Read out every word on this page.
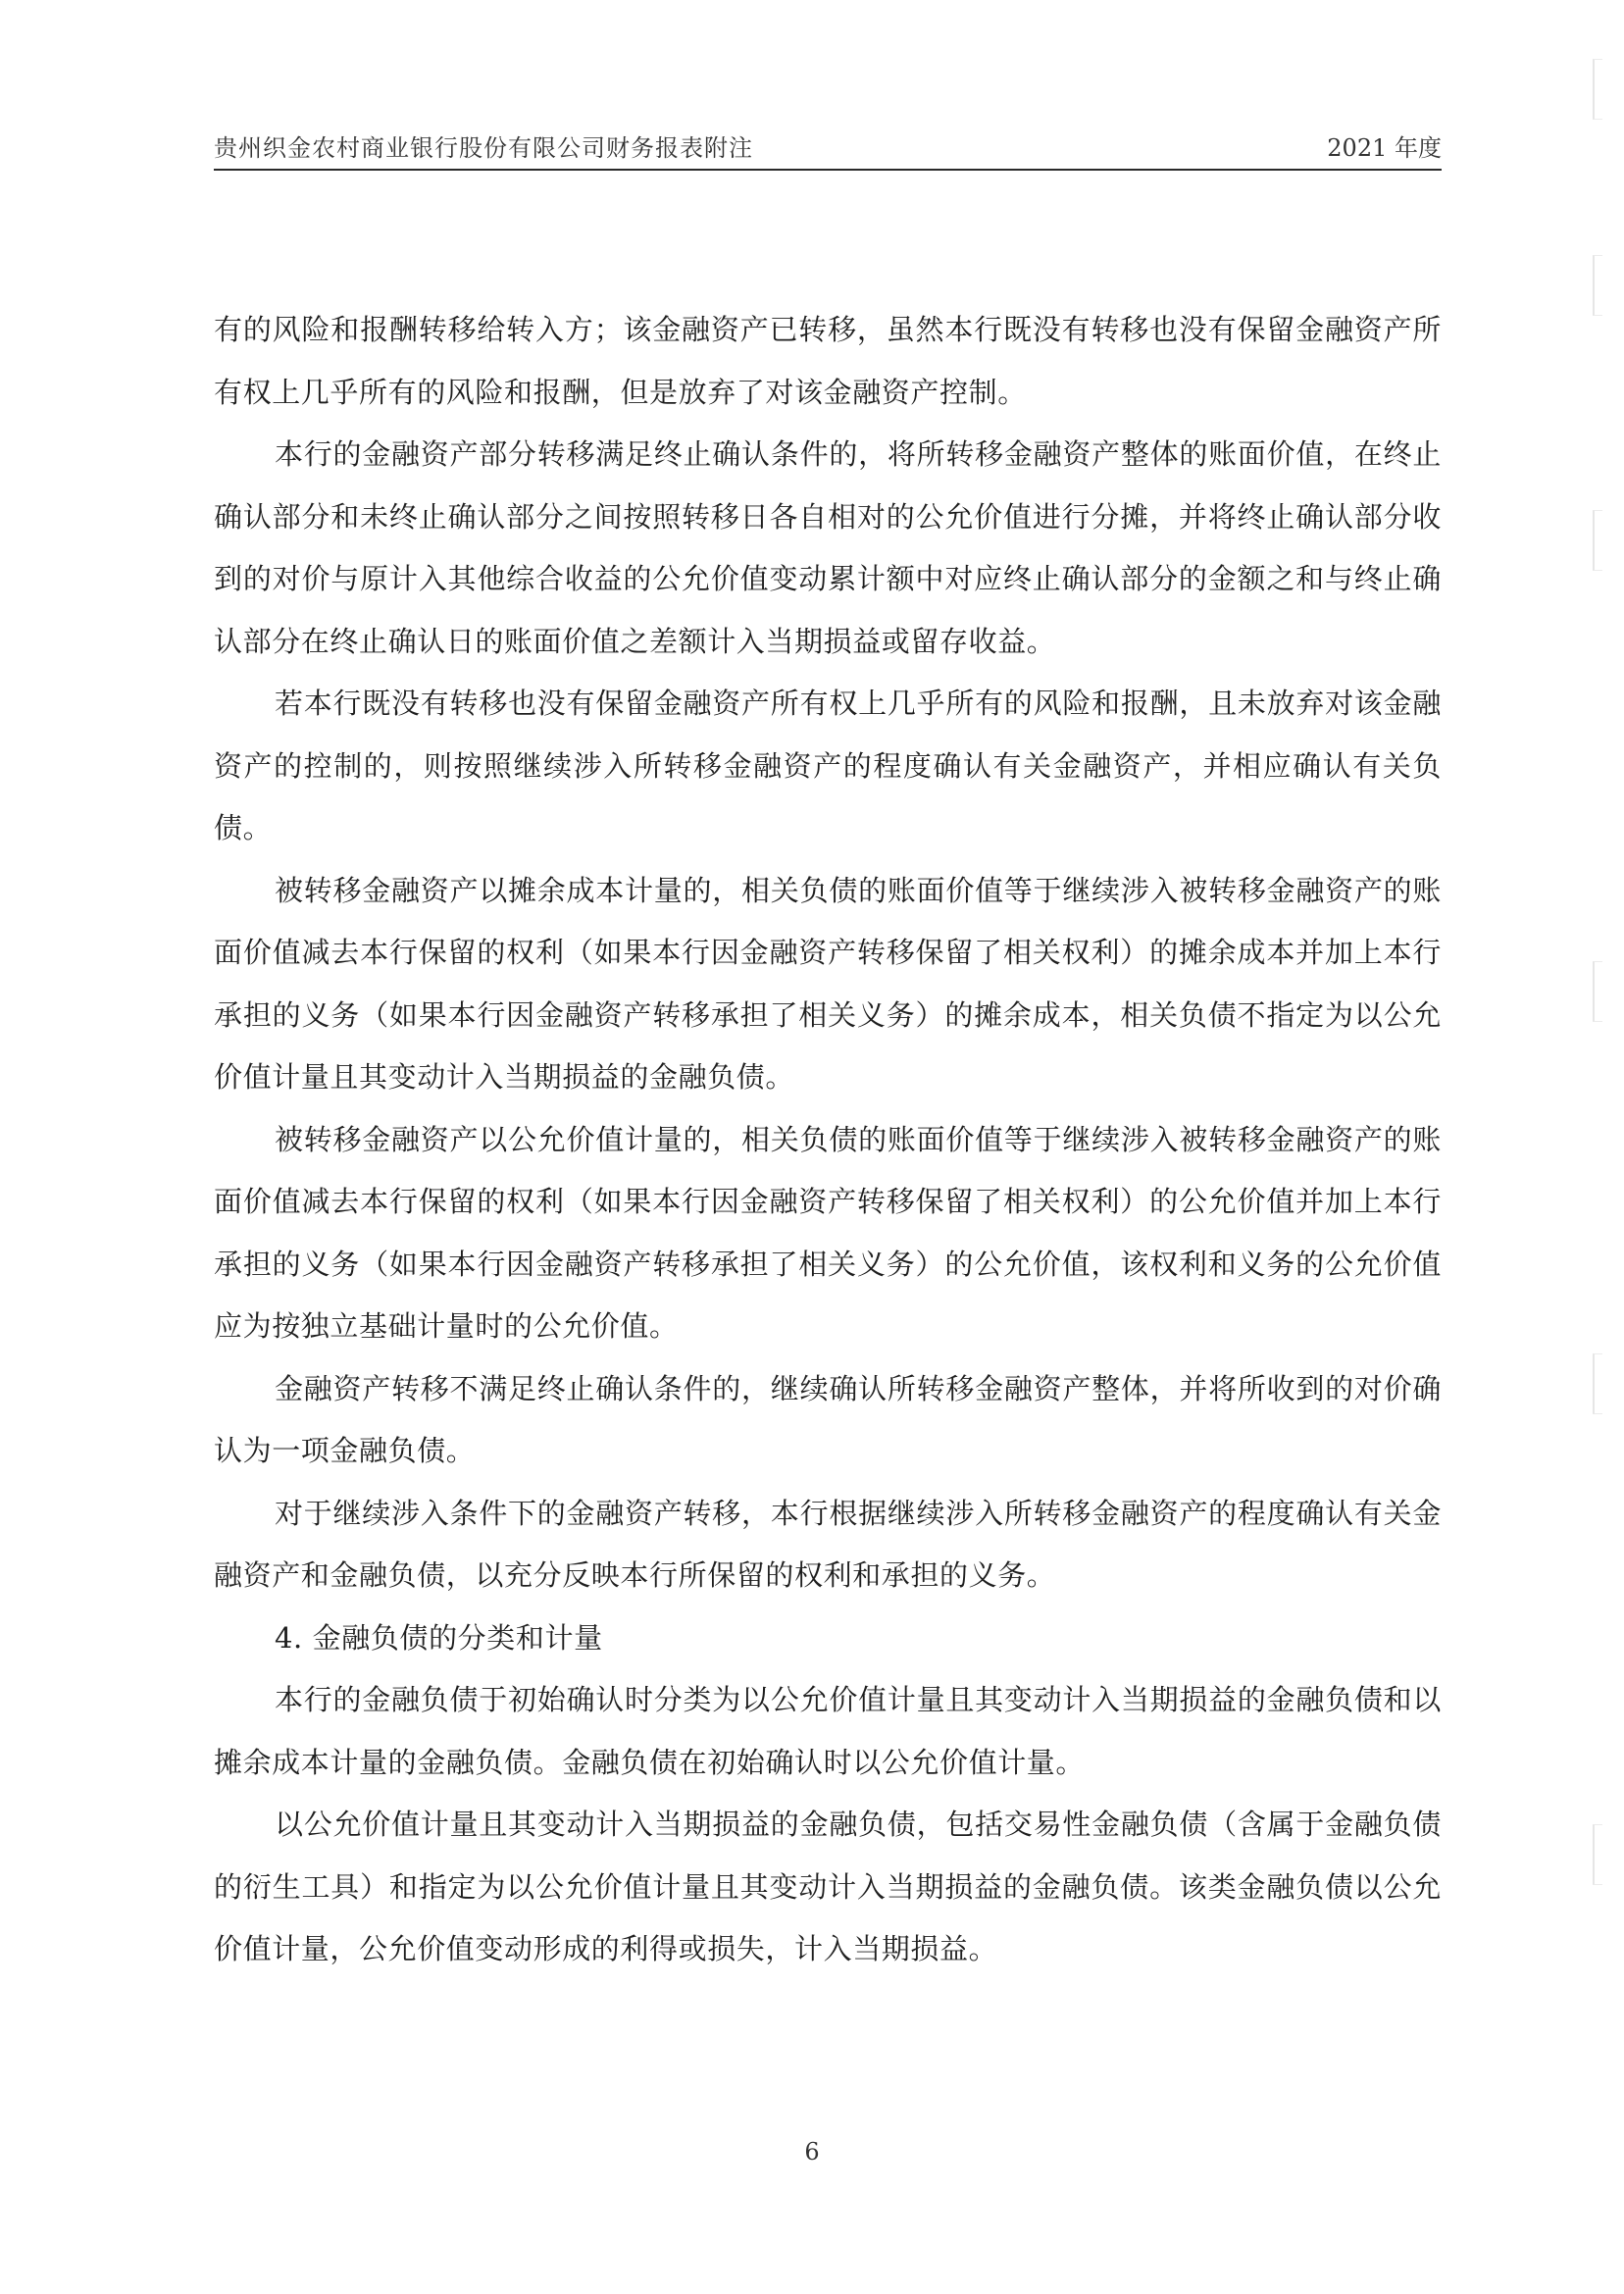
贵州织金农村商业银行股份有限公司财务报表附注	2021 年度

有的风险和报酬转移给转入方；该金融资产已转移，虽然本行既没有转移也没有保留金融资产所有权上几乎所有的风险和报酬，但是放弃了对该金融资产控制。

本行的金融资产部分转移满足终止确认条件的，将所转移金融资产整体的账面价值，在终止确认部分和未终止确认部分之间按照转移日各自相对的公允价值进行分摊，并将终止确认部分收到的对价与原计入其他综合收益的公允价值变动累计额中对应终止确认部分的金额之和与终止确认部分在终止确认日的账面价值之差额计入当期损益或留存收益。

若本行既没有转移也没有保留金融资产所有权上几乎所有的风险和报酬，且未放弃对该金融资产的控制的，则按照继续涉入所转移金融资产的程度确认有关金融资产，并相应确认有关负债。

被转移金融资产以摊余成本计量的，相关负债的账面价值等于继续涉入被转移金融资产的账面价值减去本行保留的权利（如果本行因金融资产转移保留了相关权利）的摊余成本并加上本行承担的义务（如果本行因金融资产转移承担了相关义务）的摊余成本，相关负债不指定为以公允价值计量且其变动计入当期损益的金融负债。

被转移金融资产以公允价值计量的，相关负债的账面价值等于继续涉入被转移金融资产的账面价值减去本行保留的权利（如果本行因金融资产转移保留了相关权利）的公允价值并加上本行承担的义务（如果本行因金融资产转移承担了相关义务）的公允价值，该权利和义务的公允价值应为按独立基础计量时的公允价值。

金融资产转移不满足终止确认条件的，继续确认所转移金融资产整体，并将所收到的对价确认为一项金融负债。

对于继续涉入条件下的金融资产转移，本行根据继续涉入所转移金融资产的程度确认有关金融资产和金融负债，以充分反映本行所保留的权利和承担的义务。

4. 金融负债的分类和计量

本行的金融负债于初始确认时分类为以公允价值计量且其变动计入当期损益的金融负债和以摊余成本计量的金融负债。金融负债在初始确认时以公允价值计量。

以公允价值计量且其变动计入当期损益的金融负债，包括交易性金融负债（含属于金融负债的衍生工具）和指定为以公允价值计量且其变动计入当期损益的金融负债。该类金融负债以公允价值计量，公允价值变动形成的利得或损失，计入当期损益。

6
